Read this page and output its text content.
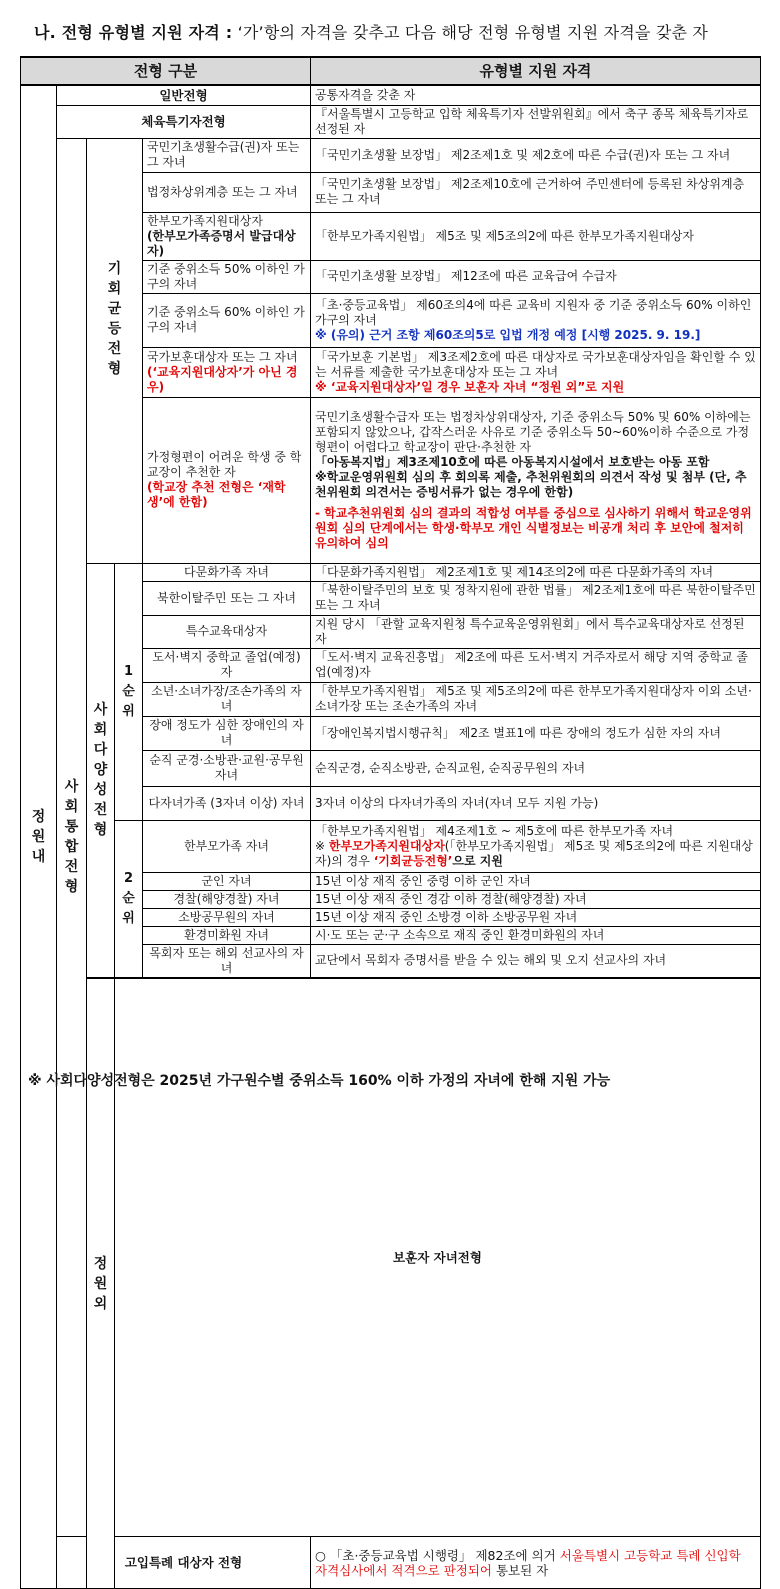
나. 전형 유형별 지원 자격 : ‘가’항의 자격을 갖추고 다음 해당 전형 유형별 지원 자격을 갖춘 자
전형 구분					유형별 지원 자격	
정원내	일반전형				공통자격을 갖춘 자	
	체육특기자전형				『서울특별시 고등학교 입학 체육특기자 선발위원회』에서 축구 종목 체육특기자로 선정된 자	
	사회통합전형	기회균등전형		국민기초생활수급(권)자 또는 그 자녀	「국민기초생활 보장법」 제2조제1호 및 제2호에 따른 수급(권)자 또는 그 자녀	
				법정차상위계층 또는 그 자녀	「국민기초생활 보장법」 제2조제10호에 근거하여 주민센터에 등록된 차상위계층 또는 그 자녀	
				한부모가족지원대상자
(한부모가족증명서 발급대상자)	「한부모가족지원법」 제5조 및 제5조의2에 따른 한부모가족지원대상자	
				기준 중위소득 50% 이하인 가구의 자녀	「국민기초생활 보장법」 제12조에 따른 교육급여 수급자	
				기준 중위소득 60% 이하인 가구의 자녀	「초·중등교육법」 제60조의4에 따른 교육비 지원자 중 기준 중위소득 60% 이하인 가구의 자녀
※ (유의) 근거 조항 제60조의5로 입법 개정 예정 [시행 2025. 9. 19.]	
				국가보훈대상자 또는 그 자녀
(‘교육지원대상자’가 아닌 경우)	「국가보훈 기본법」 제3조제2호에 따른 대상자로 국가보훈대상자임을 확인할 수 있는 서류를 제출한 국가보훈대상자 또는 그 자녀
※ ‘교육지원대상자’일 경우 보훈자 자녀 “정원 외”로 지원	
				가정형편이 어려운 학생 중 학교장이 추천한 자
(학교장 추천 전형은 ‘재학생’에 한함)	국민기초생활수급자 또는 법정차상위대상자, 기준 중위소득 50% 및 60% 이하에는 포함되지 않았으나, 갑작스러운 사유로 기준 중위소득 50~60%이하 수준으로 가정형편이 어렵다고 학교장이 판단·추천한 자
「아동복지법」제3조제10호에 따른 아동복지시설에서 보호받는 아동 포함
※학교운영위원회 심의 후 회의록 제출, 추천위원회의 의견서 작성 및 첨부 (단, 추천위원회 의견서는 증빙서류가 없는 경우에 한함)

- 학교추천위원회 심의 결과의 적합성 여부를 중심으로 심사하기 위해서 학교운영위원회 심의 단계에서는 학생·학부모 개인 식별정보는 비공개 처리 후 보안에 철저히 유의하여 심의	

		사회다양성전형	1순위	다문화가족 자녀	「다문화가족지원법」 제2조제1호 및 제14조의2에 따른 다문화가족의 자녀	
				북한이탈주민 또는 그 자녀	「북한이탈주민의 보호 및 정착지원에 관한 법률」 제2조제1호에 따른 북한이탈주민 또는 그 자녀	
				특수교육대상자	지원 당시 「관할 교육지원청 특수교육운영위원회」에서 특수교육대상자로 선정된 자	
				도서·벽지 중학교 졸업(예정)자	「도서·벽지 교육진흥법」 제2조에 따른 도서·벽지 거주자로서 해당 지역 중학교 졸업(예정)자	
				소년·소녀가장/조손가족의 자녀	「한부모가족지원법」 제5조 및 제5조의2에 따른 한부모가족지원대상자 이외 소년·소녀가장 또는 조손가족의 자녀	
				장애 정도가 심한 장애인의 자녀	「장애인복지법시행규칙」 제2조 별표1에 따른 장애의 정도가 심한 자의 자녀	
				순직 군경·소방관·교원·공무원 자녀	순직군경, 순직소방관, 순직교원, 순직공무원의 자녀	
				다자녀가족 (3자녀 이상) 자녀	3자녀 이상의 다자녀가족의 자녀(자녀 모두 지원 가능)	
			2순위	한부모가족 자녀	「한부모가족지원법」 제4조제1호 ~ 제5호에 따른 한부모가족 자녀
※ 한부모가족지원대상자(「한부모가족지원법」 제5조 및 제5조의2에 따른 지원대상자)의 경우 ‘기회균등전형’으로 지원	
				군인 자녀	15년 이상 재직 중인 중령 이하 군인 자녀	
				경찰(해양경찰) 자녀	15년 이상 재직 중인 경감 이하 경찰(해양경찰) 자녀	
				소방공무원의 자녀	15년 이상 재직 중인 소방경 이하 소방공무원 자녀	
				환경미화원 자녀	시·도 또는 군·구 소속으로 재직 중인 환경미화원의 자녀	
				목회자 또는 해외 선교사의 자녀	교단에서 목회자 증명서를 받을 수 있는 해외 및 오지 선교사의 자녀	
		정원외	보훈자 자녀전형	
	고입특례 대상자 전형				○ 「초·중등교육법 시행령」 제82조에 의거 서울특별시 고등학교 특례 신입학 자격심사에서 적격으로 판정되어 통보된 자	
※ 사회다양성전형은 2025년 가구원수별 중위소득 160% 이하 가정의 자녀에 한해 지원 가능
